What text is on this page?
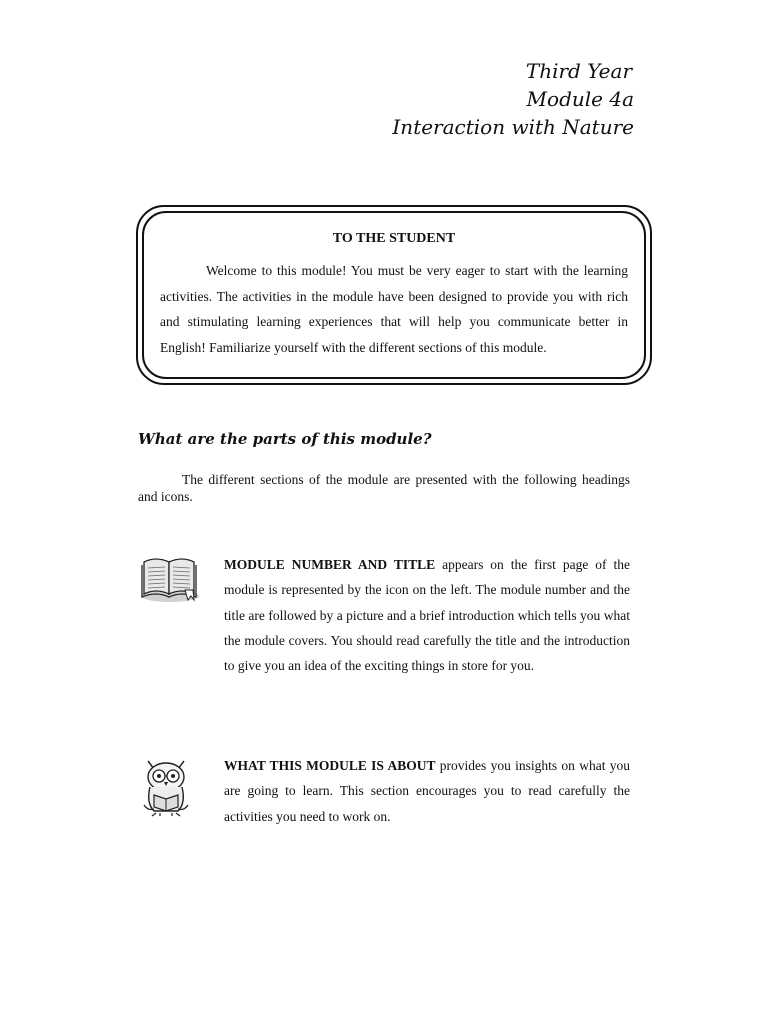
Third Year
Module 4a
Interaction with Nature
TO THE STUDENT
Welcome to this module! You must be very eager to start with the learning activities. The activities in the module have been designed to provide you with rich and stimulating learning experiences that will help you communicate better in English! Familiarize yourself with the different sections of this module.
What are the parts of this module?
The different sections of the module are presented with the following headings and icons.
MODULE NUMBER AND TITLE appears on the first page of the module is represented by the icon on the left. The module number and the title are followed by a picture and a brief introduction which tells you what the module covers. You should read carefully the title and the introduction to give you an idea of the exciting things in store for you.
WHAT THIS MODULE IS ABOUT provides you insights on what you are going to learn. This section encourages you to read carefully the activities you need to work on.
